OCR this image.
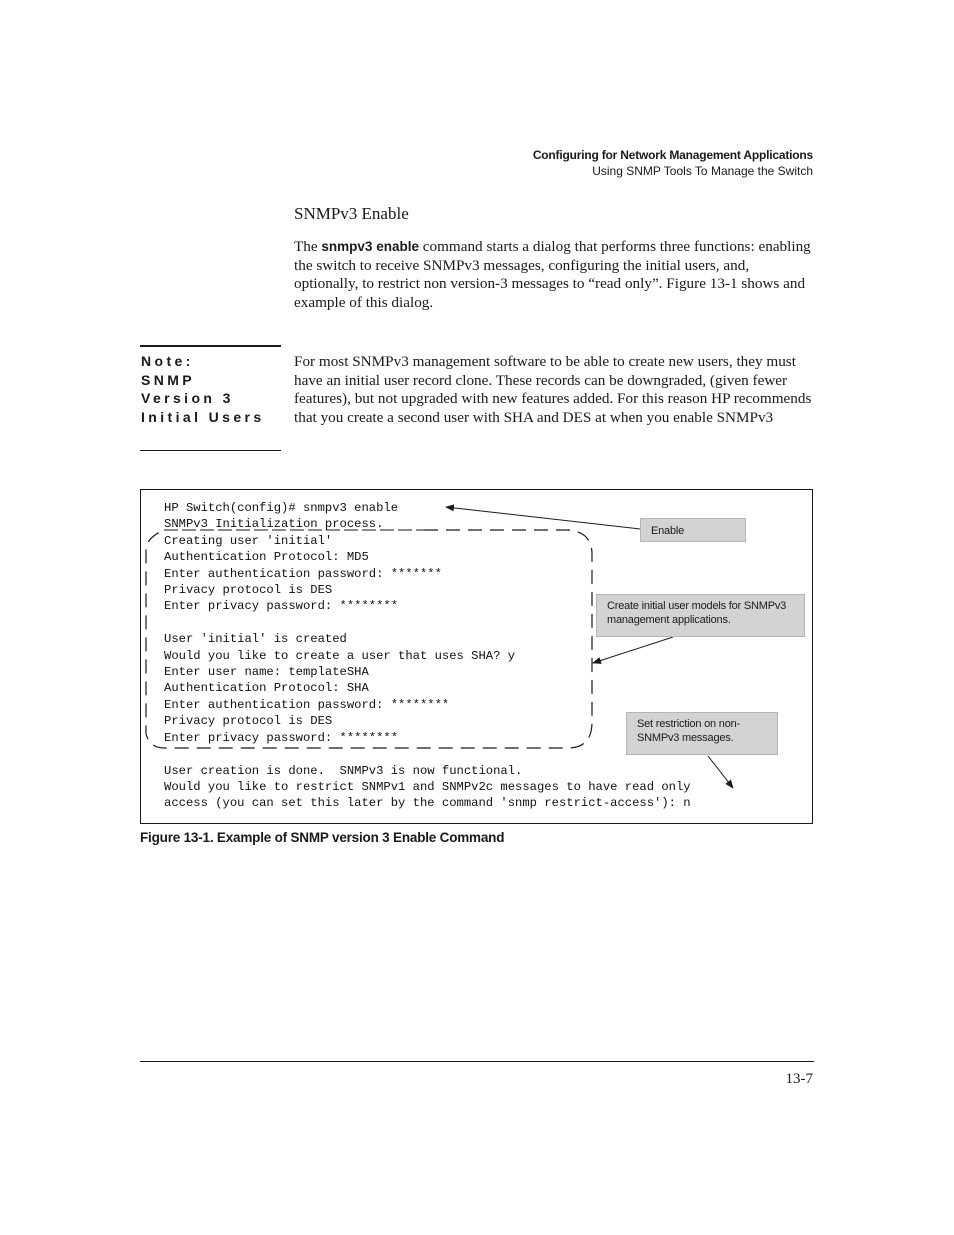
Configuring for Network Management Applications
Using SNMP Tools To Manage the Switch
SNMPv3 Enable
The snmpv3 enable command starts a dialog that performs three functions: enabling the switch to receive SNMPv3 messages, configuring the initial users, and, optionally, to restrict non version-3 messages to “read only”. Figure 13-1 shows and example of this dialog.
Note:
SNMP
Version 3
Initial Users
For most SNMPv3 management software to be able to create new users, they must have an initial user record clone. These records can be downgraded, (given fewer features), but not upgraded with new features added. For this reason HP recommends that you create a second user with SHA and DES at when you enable SNMPv3
HP Switch(config)# snmpv3 enable
SNMPv3 Initialization process.
Creating user 'initial'
Authentication Protocol: MD5
Enter authentication password: *******
Privacy protocol is DES
Enter privacy password: ********

User 'initial' is created
Would you like to create a user that uses SHA? y
Enter user name: templateSHA
Authentication Protocol: SHA
Enter authentication password: ********
Privacy protocol is DES
Enter privacy password: ********

User creation is done.  SNMPv3 is now functional.
Would you like to restrict SNMPv1 and SNMPv2c messages to have read only
access (you can set this later by the command 'snmp restrict-access'): n
Enable
Create initial user models for SNMPv3 management applications.
Set restriction on non-SNMPv3 messages.
Figure 13-1. Example of SNMP version 3 Enable Command
13-7
